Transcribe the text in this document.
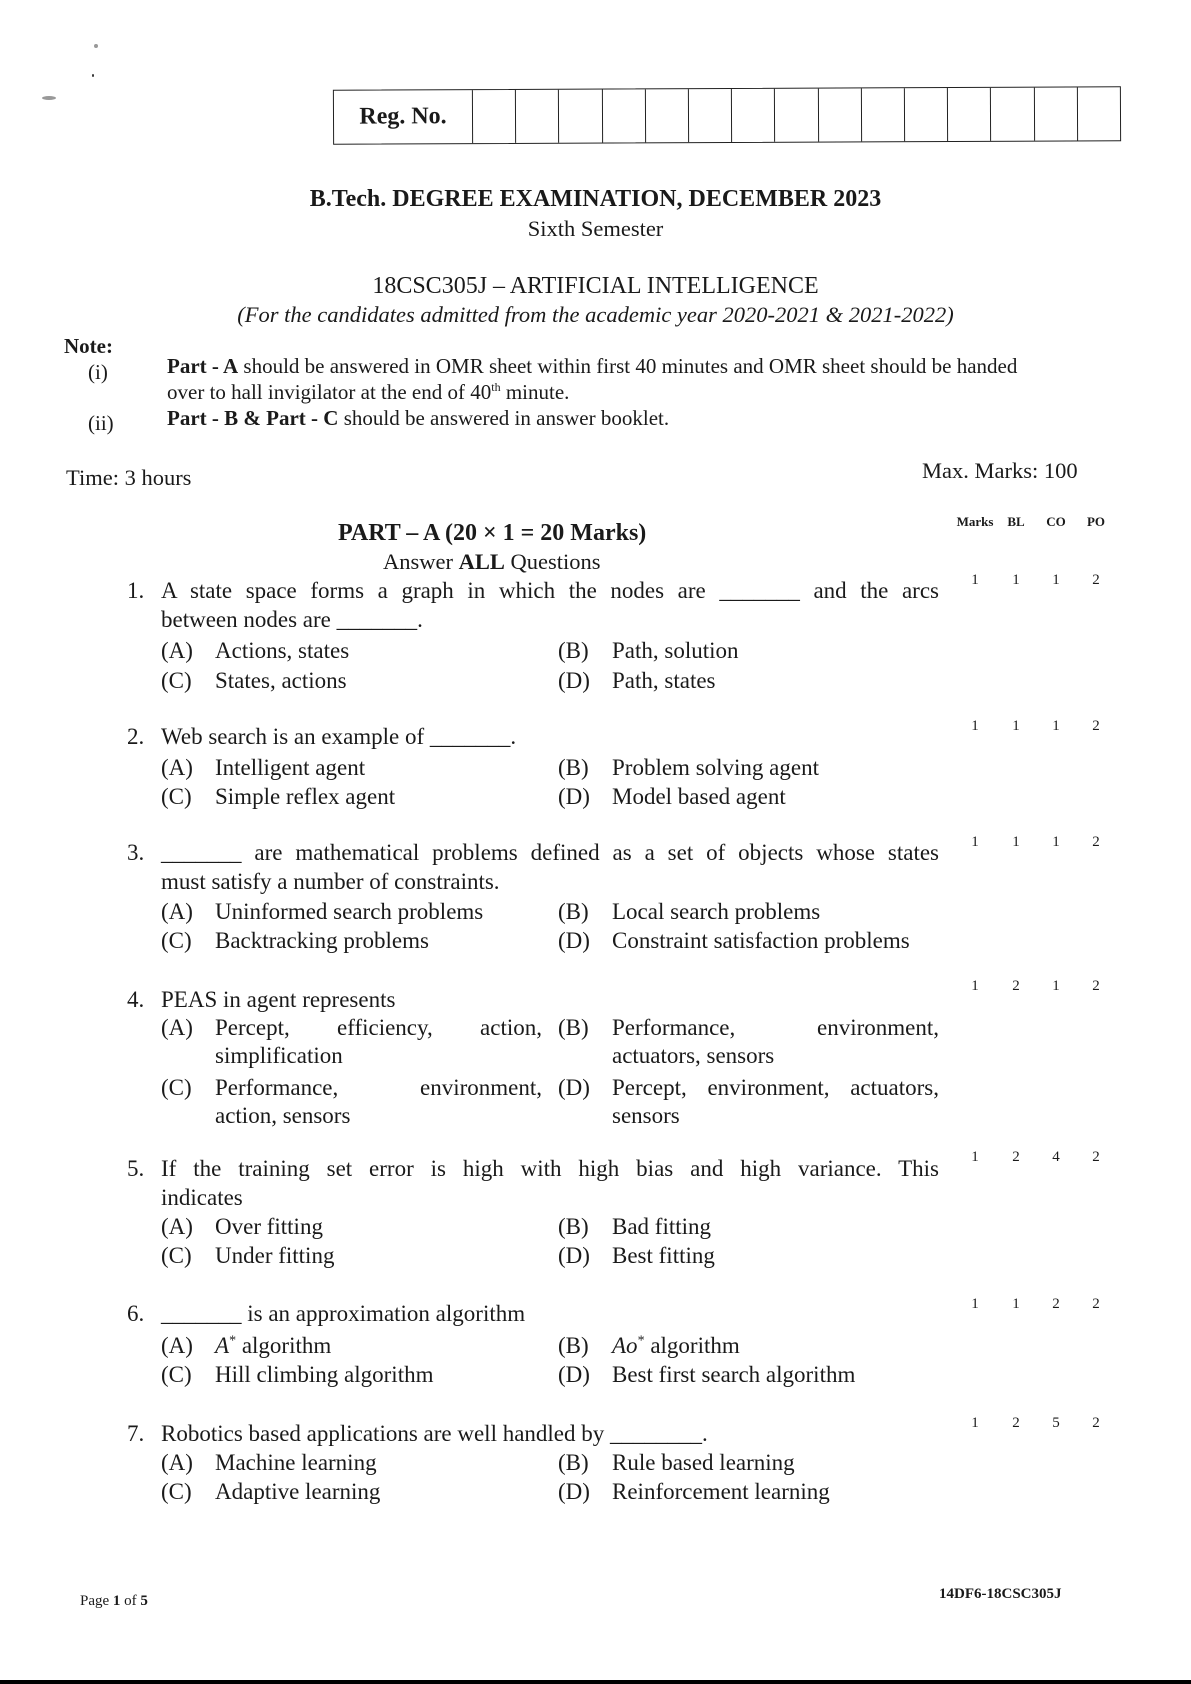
Reg. No.
B.Tech. DEGREE EXAMINATION, DECEMBER 2023
Sixth Semester
18CSC305J – ARTIFICIAL INTELLIGENCE
(For the candidates admitted from the academic year 2020-2021 & 2021-2022)
Note:
(i)	Part - A should be answered in OMR sheet within first 40 minutes and OMR sheet should be handed
over to hall invigilator at the end of 40th minute.
(ii)	Part - B & Part - C should be answered in answer booklet.
Time: 3 hours	Max. Marks: 100
Marks	BL	CO	PO
PART – A (20 × 1 = 20 Marks)
Answer ALL Questions
1. A state space forms a graph in which the nodes are _______ and the arcs
between nodes are _______.
(A) Actions, states	(B) Path, solution
(C) States, actions	(D) Path, states
1	1	1	2
2. Web search is an example of _______.
(A) Intelligent agent	(B) Problem solving agent
(C) Simple reflex agent	(D) Model based agent
1	1	1	2
3. _______ are mathematical problems defined as a set of objects whose states
must satisfy a number of constraints.
(A) Uninformed search problems	(B) Local search problems
(C) Backtracking problems	(D) Constraint satisfaction problems
1	1	1	2
4. PEAS in agent represents
(A) Percept, efficiency, action,
simplification
(B) Performance, environment,
actuators, sensors
(C) Performance, environment,
action, sensors
(D) Percept, environment, actuators,
sensors
1	2	1	2
5. If the training set error is high with high bias and high variance. This
indicates
(A) Over fitting	(B) Bad fitting
(C) Under fitting	(D) Best fitting
1	2	4	2
6. _______ is an approximation algorithm
(A) A* algorithm	(B) Ao* algorithm
(C) Hill climbing algorithm	(D) Best first search algorithm
1	1	2	2
7. Robotics based applications are well handled by ________.
(A) Machine learning	(B) Rule based learning
(C) Adaptive learning	(D) Reinforcement learning
1	2	5	2
Page 1 of 5	14DF6-18CSC305J
